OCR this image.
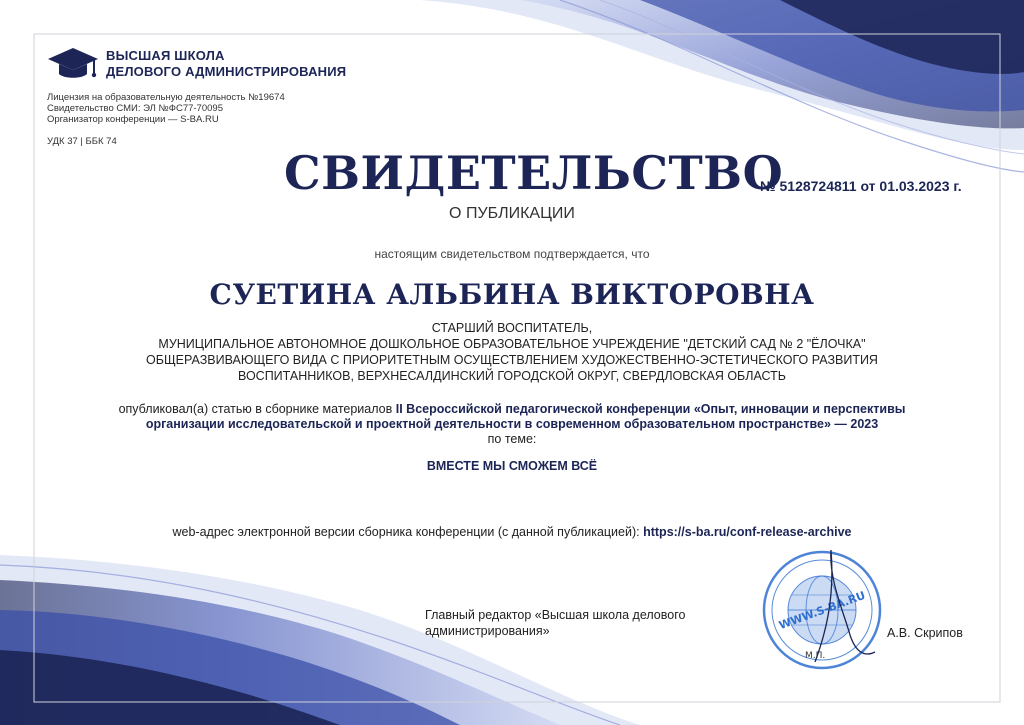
ВЫСШАЯ ШКОЛА
ДЕЛОВОГО АДМИНИСТРИРОВАНИЯ
Лицензия на образовательную деятельность №19674
Свидетельство СМИ: ЭЛ №ФС77-70095
Организатор конференции — S-BA.RU
УДК 37 | ББК 74
СВИДЕТЕЛЬСТВО
№ 5128724811 от 01.03.2023 г.
О ПУБЛИКАЦИИ
настоящим свидетельством подтверждается, что
СУЕТИНА АЛЬБИНА ВИКТОРОВНА
СТАРШИЙ ВОСПИТАТЕЛЬ,
МУНИЦИПАЛЬНОЕ АВТОНОМНОЕ ДОШКОЛЬНОЕ ОБРАЗОВАТЕЛЬНОЕ УЧРЕЖДЕНИЕ "ДЕТСКИЙ САД № 2 "ЁЛОЧКА"
ОБЩЕРАЗВИВАЮЩЕГО ВИДА С ПРИОРИТЕТНЫМ ОСУЩЕСТВЛЕНИЕМ ХУДОЖЕСТВЕННО-ЭСТЕТИЧЕСКОГО РАЗВИТИЯ
ВОСПИТАННИКОВ, ВЕРХНЕСАЛДИНСКИЙ ГОРОДСКОЙ ОКРУГ, СВЕРДЛОВСКАЯ ОБЛАСТЬ
опубликовал(а) статью в сборнике материалов II Всероссийской педагогической конференции «Опыт, инновации и перспективы
организации исследовательской и проектной деятельности в современном образовательном пространстве» — 2023
по теме:
ВМЕСТЕ МЫ СМОЖЕМ ВСЁ
web-адрес электронной версии сборника конференции (с данной публикацией): https://s-ba.ru/conf-release-archive
WWW.S-BA.RU
М.П.
Главный редактор «Высшая школа делового
администрирования»	А.В. Скрипов
